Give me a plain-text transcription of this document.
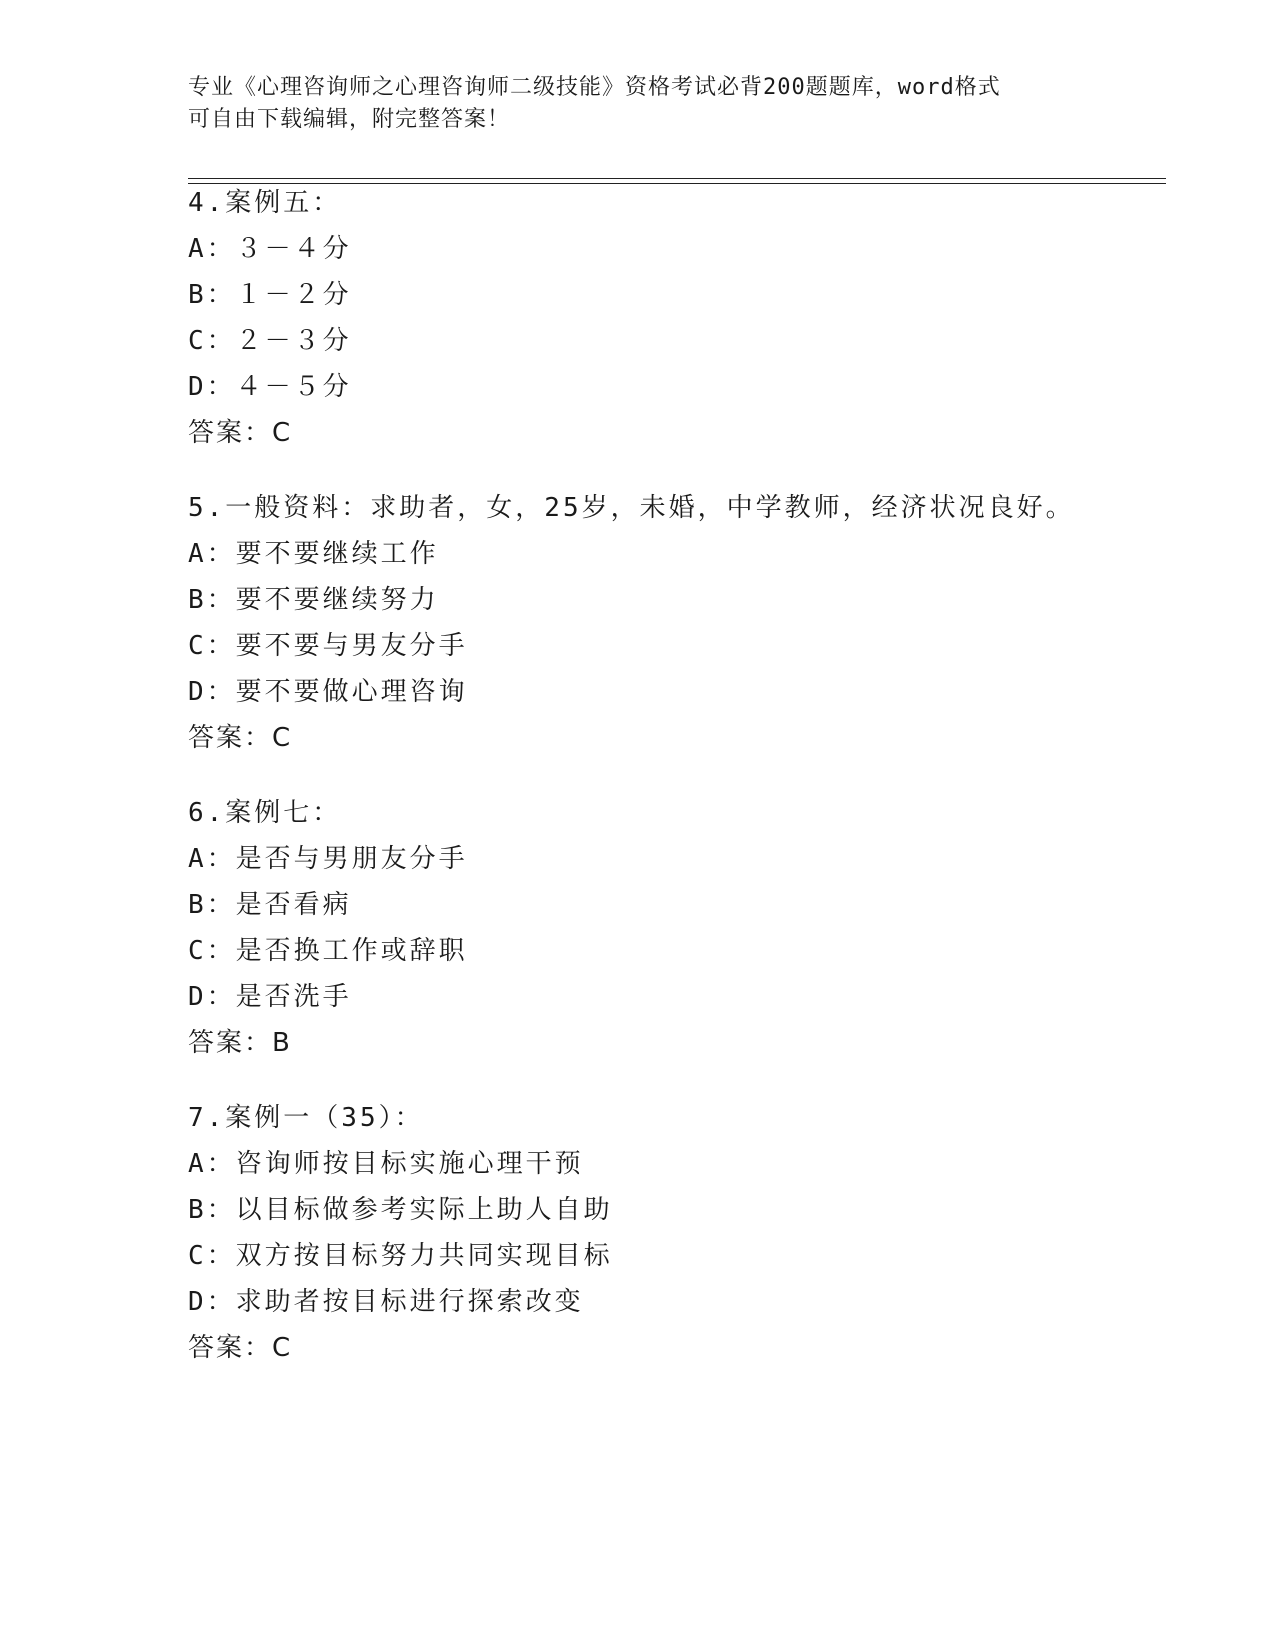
专业《心理咨询师之心理咨询师二级技能》资格考试必背200题题库，word格式

可自由下载编辑，附完整答案！

4.案例五：
A：３－４分
B：１－２分
C：２－３分
D：４－５分
答案：C
5.一般资料：求助者，女，25岁，未婚，中学教师，经济状况良好。
A：要不要继续工作
B：要不要继续努力
C：要不要与男友分手
D：要不要做心理咨询
答案：C
6.案例七：
A：是否与男朋友分手
B：是否看病
C：是否换工作或辞职
D：是否洗手
答案：B
7.案例一（35）：
A：咨询师按目标实施心理干预
B：以目标做参考实际上助人自助
C：双方按目标努力共同实现目标
D：求助者按目标进行探索改变
答案：C
